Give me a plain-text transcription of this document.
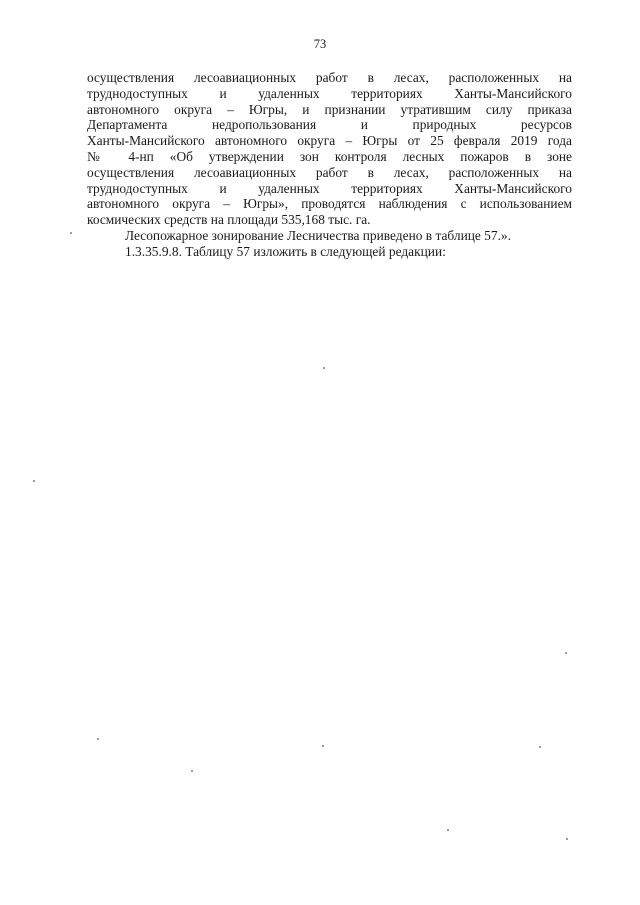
73
осуществления лесоавиационных работ в лесах, расположенных на
труднодоступных и удаленных территориях Ханты-Мансийского
автономного округа – Югры, и признании утратившим силу приказа
Департамента недропользования и природных ресурсов
Ханты-Мансийского автономного округа – Югры от 25 февраля 2019 года
№ 4-нп «Об утверждении зон контроля лесных пожаров в зоне
осуществления лесоавиационных работ в лесах, расположенных на
труднодоступных и удаленных территориях Ханты-Мансийского
автономного округа – Югры», проводятся наблюдения с использованием
космических средств на площади 535,168 тыс. га.
Лесопожарное зонирование Лесничества приведено в таблице 57.».
1.3.35.9.8. Таблицу 57 изложить в следующей редакции:
